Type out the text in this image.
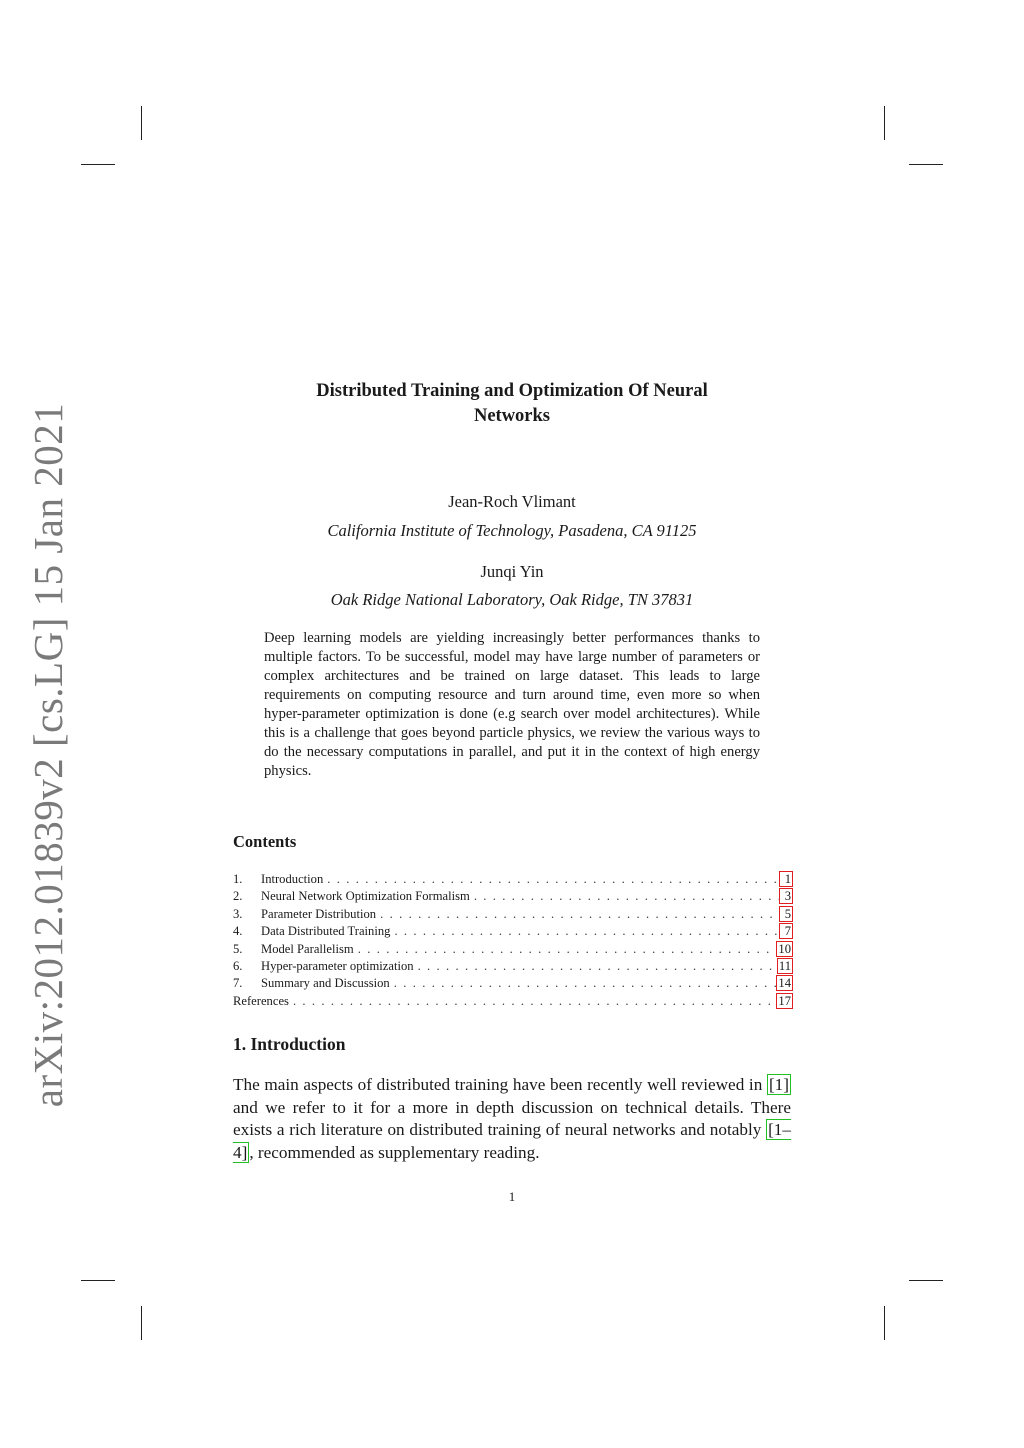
arXiv:2012.01839v2 [cs.LG] 15 Jan 2021
Distributed Training and Optimization Of Neural
Networks
Jean-Roch Vlimant
California Institute of Technology, Pasadena, CA 91125
Junqi Yin
Oak Ridge National Laboratory, Oak Ridge, TN 37831
Deep learning models are yielding increasingly better performances thanks to multiple factors. To be successful, model may have large number of parameters or complex architectures and be trained on large dataset. This leads to large requirements on computing resource and turn around time, even more so when hyper-parameter optimization is done (e.g search over model architectures). While this is a challenge that goes beyond particle physics, we review the various ways to do the necessary computations in parallel, and put it in the context of high energy physics.
Contents
1.	Introduction . . .	1
2.	Neural Network Optimization Formalism . . .	3
3.	Parameter Distribution . . .	5
4.	Data Distributed Training . . .	7
5.	Model Parallelism . . .	10
6.	Hyper-parameter optimization . . .	11
7.	Summary and Discussion . . .	14
References . . .	17
1. Introduction
The main aspects of distributed training have been recently well reviewed in [1] and we refer to it for a more in depth discussion on technical details. There exists a rich literature on distributed training of neural networks and notably [1–4] , recommended as supplementary reading.
1
